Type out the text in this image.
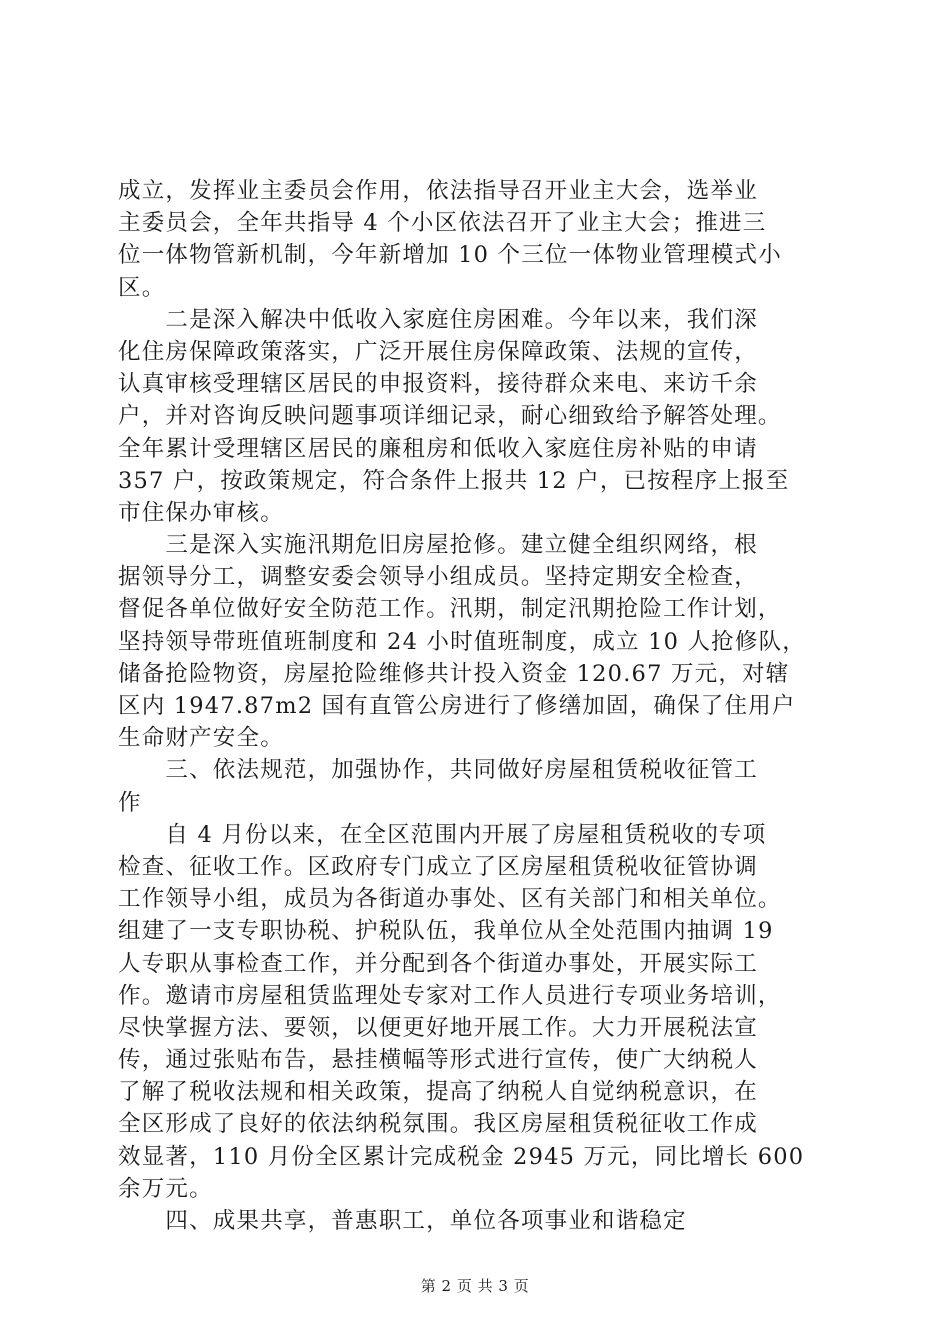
成立，发挥业主委员会作用，依法指导召开业主大会，选举业
主委员会，全年共指导 4 个小区依法召开了业主大会；推进三
位一体物管新机制，今年新增加 10 个三位一体物业管理模式小
区。
　　二是深入解决中低收入家庭住房困难。今年以来，我们深
化住房保障政策落实，广泛开展住房保障政策、法规的宣传，
认真审核受理辖区居民的申报资料，接待群众来电、来访千余
户，并对咨询反映问题事项详细记录，耐心细致给予解答处理。
全年累计受理辖区居民的廉租房和低收入家庭住房补贴的申请
357 户，按政策规定，符合条件上报共 12 户，已按程序上报至
市住保办审核。
　　三是深入实施汛期危旧房屋抢修。建立健全组织网络，根
据领导分工，调整安委会领导小组成员。坚持定期安全检查，
督促各单位做好安全防范工作。汛期，制定汛期抢险工作计划，
坚持领导带班值班制度和 24 小时值班制度，成立 10 人抢修队，
储备抢险物资，房屋抢险维修共计投入资金 120.67 万元，对辖
区内 1947.87m2 国有直管公房进行了修缮加固，确保了住用户
生命财产安全。
　　三、依法规范，加强协作，共同做好房屋租赁税收征管工
作
　　自 4 月份以来，在全区范围内开展了房屋租赁税收的专项
检查、征收工作。区政府专门成立了区房屋租赁税收征管协调
工作领导小组，成员为各街道办事处、区有关部门和相关单位。
组建了一支专职协税、护税队伍，我单位从全处范围内抽调 19
人专职从事检查工作，并分配到各个街道办事处，开展实际工
作。邀请市房屋租赁监理处专家对工作人员进行专项业务培训，
尽快掌握方法、要领，以便更好地开展工作。大力开展税法宣
传，通过张贴布告，悬挂横幅等形式进行宣传，使广大纳税人
了解了税收法规和相关政策，提高了纳税人自觉纳税意识，在
全区形成了良好的依法纳税氛围。我区房屋租赁税征收工作成
效显著，110 月份全区累计完成税金 2945 万元，同比增长 600
余万元。
　　四、成果共享，普惠职工，单位各项事业和谐稳定
第 2 页 共 3 页
